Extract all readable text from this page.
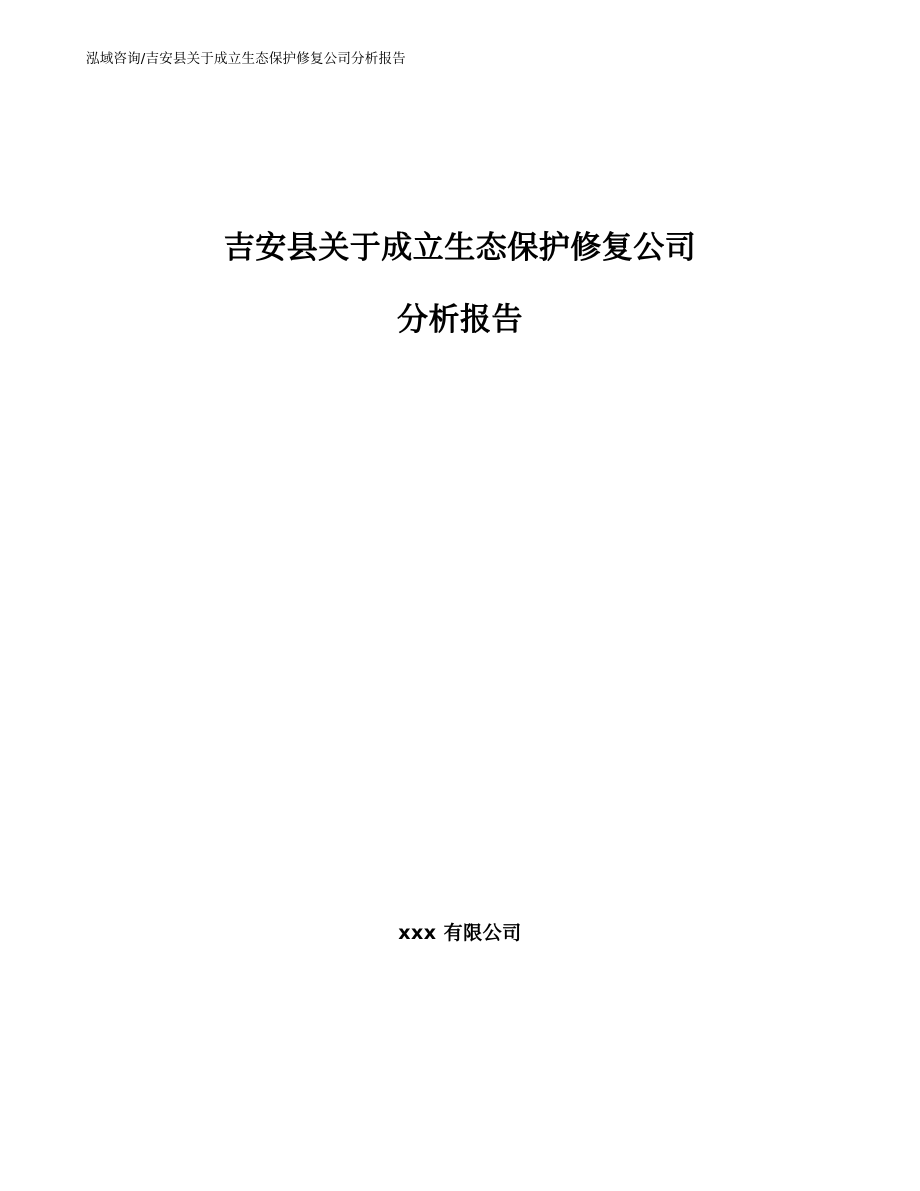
泓域咨询/吉安县关于成立生态保护修复公司分析报告
吉安县关于成立生态保护修复公司
分析报告
xxx 有限公司
